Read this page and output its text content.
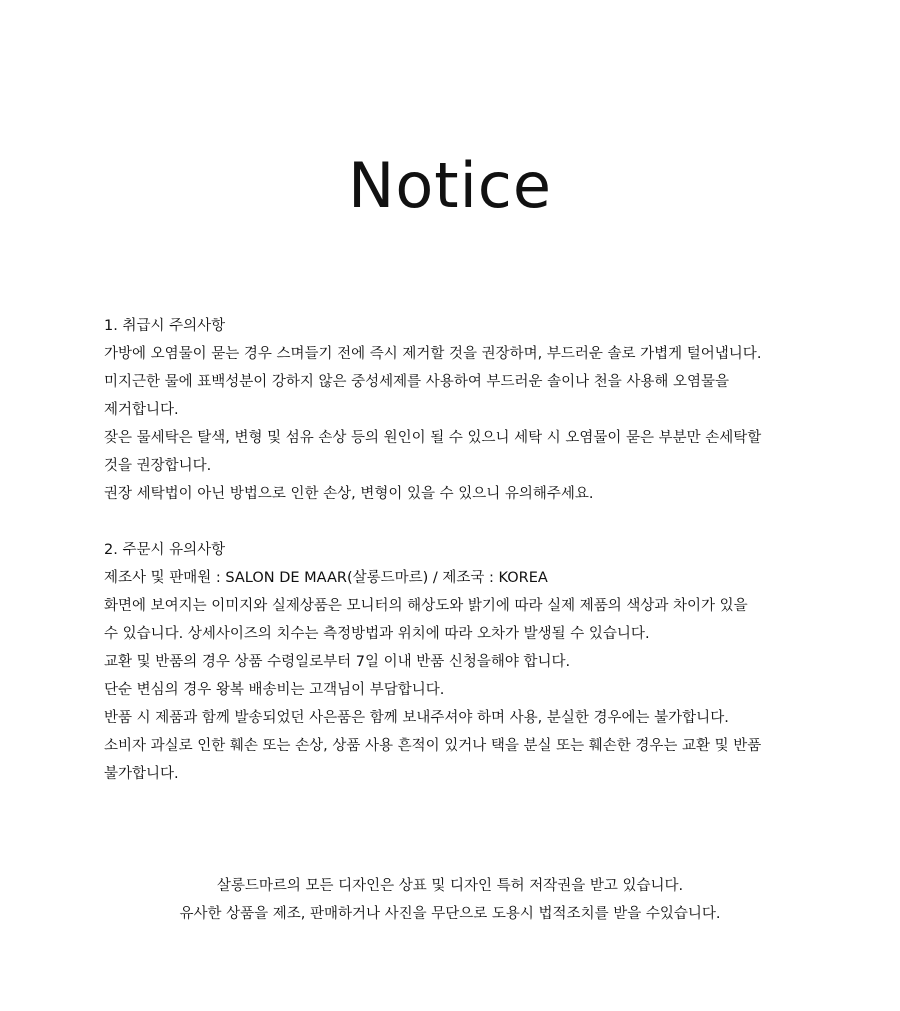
Notice
1. 취급시 주의사항
가방에 오염물이 묻는 경우 스며들기 전에 즉시 제거할 것을 권장하며, 부드러운 솔로 가볍게 털어냅니다.
미지근한 물에 표백성분이 강하지 않은 중성세제를 사용하여 부드러운 솔이나 천을 사용해 오염물을
제거합니다.
잦은 물세탁은 탈색, 변형 및 섬유 손상 등의 원인이 될 수 있으니 세탁 시 오염물이 묻은 부분만 손세탁할
것을 권장합니다.
권장 세탁법이 아닌 방법으로 인한 손상, 변형이 있을 수 있으니 유의해주세요.
2. 주문시 유의사항
제조사 및 판매원 : SALON DE MAAR(살롱드마르) / 제조국 : KOREA
화면에 보여지는 이미지와 실제상품은 모니터의 해상도와 밝기에 따라 실제 제품의 색상과 차이가 있을
수 있습니다. 상세사이즈의 치수는 측정방법과 위치에 따라 오차가 발생될 수 있습니다.
교환 및 반품의 경우 상품 수령일로부터 7일 이내 반품 신청을해야 합니다.
단순 변심의 경우 왕복 배송비는 고객님이 부담합니다.
반품 시 제품과 함께 발송되었던 사은품은 함께 보내주셔야 하며 사용, 분실한 경우에는 불가합니다.
소비자 과실로 인한 훼손 또는 손상, 상품 사용 흔적이 있거나 택을 분실 또는 훼손한 경우는 교환 및 반품
불가합니다.
살롱드마르의 모든 디자인은 상표 및 디자인 특허 저작권을 받고 있습니다.
유사한 상품을 제조, 판매하거나 사진을 무단으로 도용시 법적조치를 받을 수있습니다.
